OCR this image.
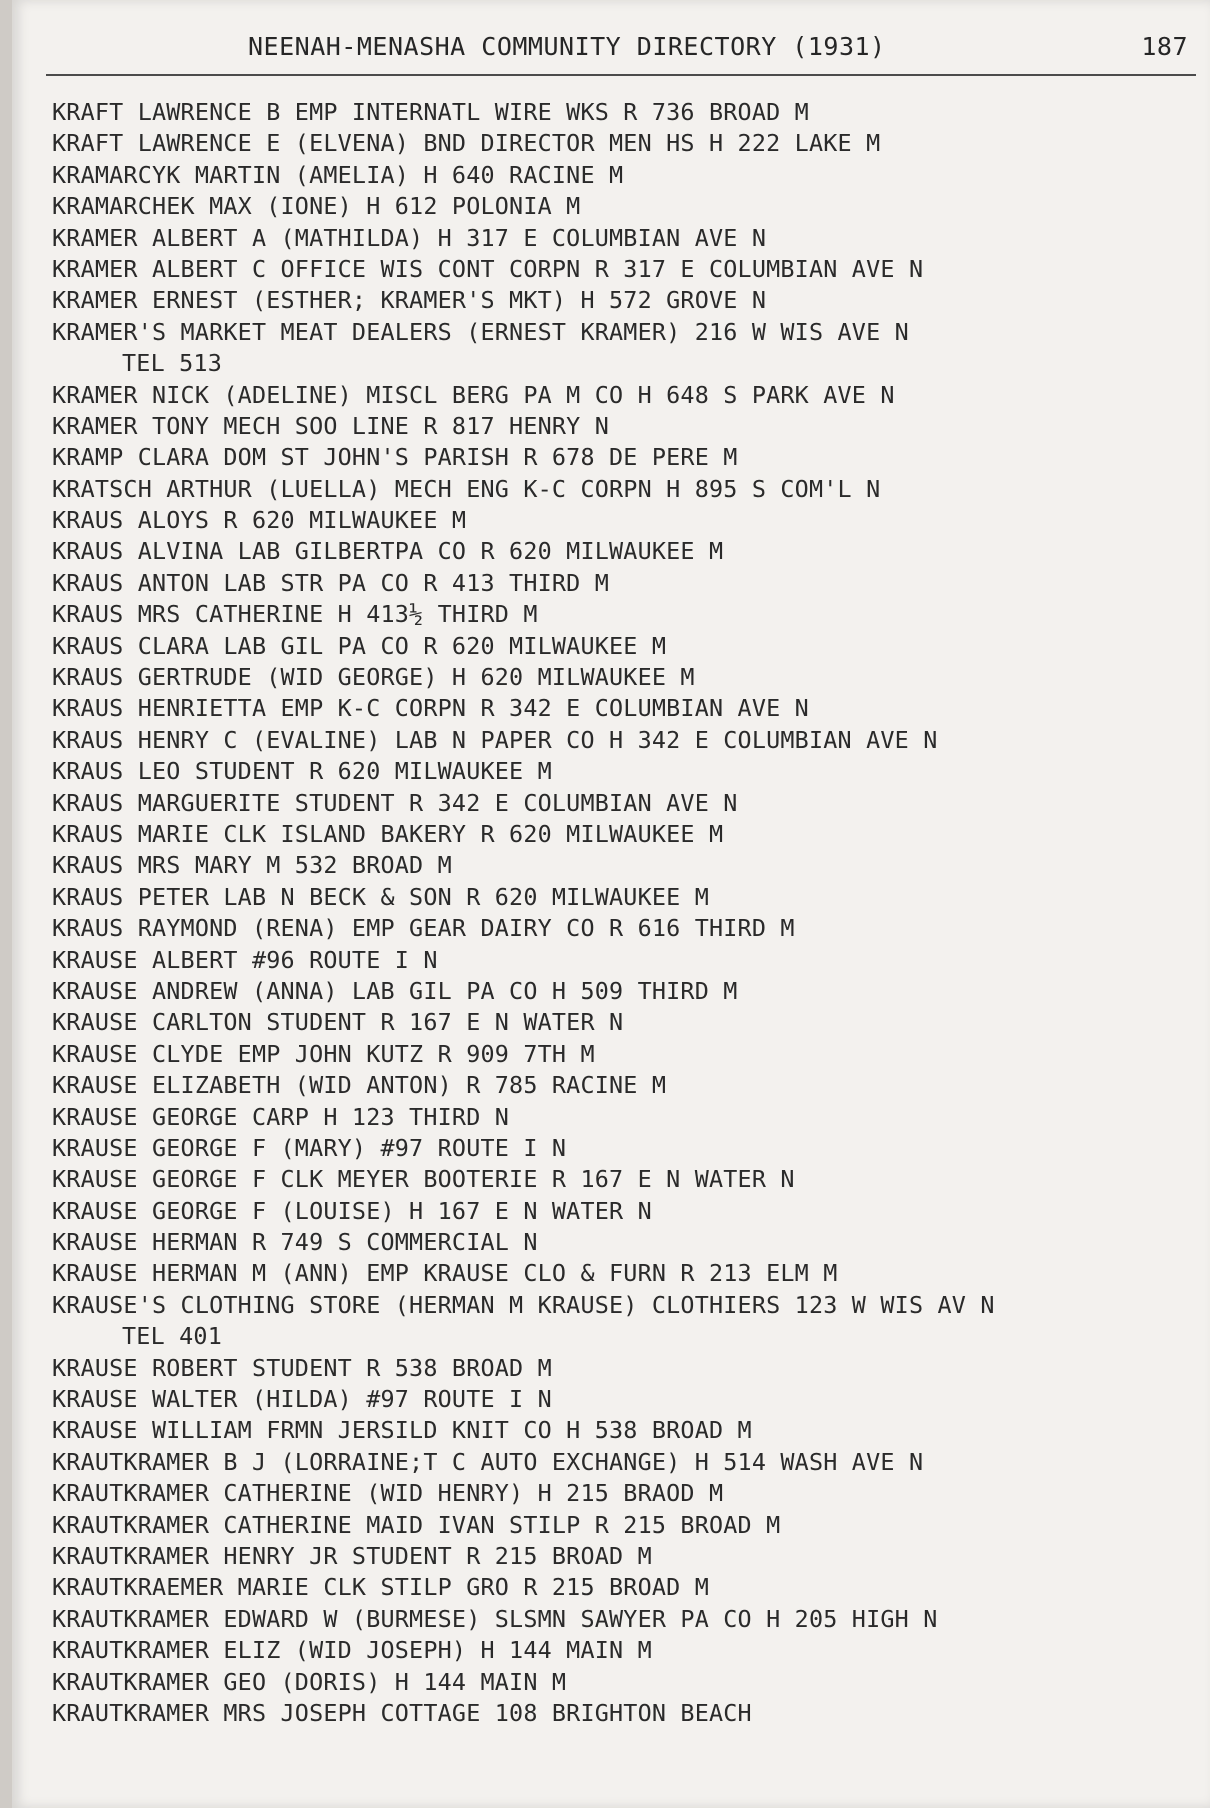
NEENAH-MENASHA COMMUNITY DIRECTORY (1931)	187
KRAFT LAWRENCE B EMP INTERNATL WIRE WKS R 736 BROAD M
KRAFT LAWRENCE E (ELVENA) BND DIRECTOR MEN HS H 222 LAKE M
KRAMARCYK MARTIN (AMELIA) H 640 RACINE M
KRAMARCHEK MAX (IONE) H 612 POLONIA M
KRAMER ALBERT A (MATHILDA) H 317 E COLUMBIAN AVE N
KRAMER ALBERT C OFFICE WIS CONT CORPN R 317 E COLUMBIAN AVE N
KRAMER ERNEST (ESTHER; KRAMER'S MKT) H 572 GROVE N
KRAMER'S MARKET MEAT DEALERS (ERNEST KRAMER) 216 W WIS AVE N
TEL 513
KRAMER NICK (ADELINE) MISCL BERG PA M CO H 648 S PARK AVE N
KRAMER TONY MECH SOO LINE R 817 HENRY N
KRAMP CLARA DOM ST JOHN'S PARISH R 678 DE PERE M
KRATSCH ARTHUR (LUELLA) MECH ENG K-C CORPN H 895 S COM'L N
KRAUS ALOYS R 620 MILWAUKEE M
KRAUS ALVINA LAB GILBERTPA CO R 620 MILWAUKEE M
KRAUS ANTON LAB STR PA CO R 413 THIRD M
KRAUS MRS CATHERINE H 413½ THIRD M
KRAUS CLARA LAB GIL PA CO R 620 MILWAUKEE M
KRAUS GERTRUDE (WID GEORGE) H 620 MILWAUKEE M
KRAUS HENRIETTA EMP K-C CORPN R 342 E COLUMBIAN AVE N
KRAUS HENRY C (EVALINE) LAB N PAPER CO H 342 E COLUMBIAN AVE N
KRAUS LEO STUDENT R 620 MILWAUKEE M
KRAUS MARGUERITE STUDENT R 342 E COLUMBIAN AVE N
KRAUS MARIE CLK ISLAND BAKERY R 620 MILWAUKEE M
KRAUS MRS MARY M 532 BROAD M
KRAUS PETER LAB N BECK & SON R 620 MILWAUKEE M
KRAUS RAYMOND (RENA) EMP GEAR DAIRY CO R 616 THIRD M
KRAUSE ALBERT #96 ROUTE I N
KRAUSE ANDREW (ANNA) LAB GIL PA CO H 509 THIRD M
KRAUSE CARLTON STUDENT R 167 E N WATER N
KRAUSE CLYDE EMP JOHN KUTZ R 909 7TH M
KRAUSE ELIZABETH (WID ANTON) R 785 RACINE M
KRAUSE GEORGE CARP H 123 THIRD N
KRAUSE GEORGE F (MARY) #97 ROUTE I N
KRAUSE GEORGE F CLK MEYER BOOTERIE R 167 E N WATER N
KRAUSE GEORGE F (LOUISE) H 167 E N WATER N
KRAUSE HERMAN R 749 S COMMERCIAL N
KRAUSE HERMAN M (ANN) EMP KRAUSE CLO & FURN R 213 ELM M
KRAUSE'S CLOTHING STORE (HERMAN M KRAUSE) CLOTHIERS 123 W WIS AV N
TEL 401
KRAUSE ROBERT STUDENT R 538 BROAD M
KRAUSE WALTER (HILDA) #97 ROUTE I N
KRAUSE WILLIAM FRMN JERSILD KNIT CO H 538 BROAD M
KRAUTKRAMER B J (LORRAINE;T C AUTO EXCHANGE) H 514 WASH AVE N
KRAUTKRAMER CATHERINE (WID HENRY) H 215 BRAOD M
KRAUTKRAMER CATHERINE MAID IVAN STILP R 215 BROAD M
KRAUTKRAMER HENRY JR STUDENT R 215 BROAD M
KRAUTKRAEMER MARIE CLK STILP GRO R 215 BROAD M
KRAUTKRAMER EDWARD W (BURMESE) SLSMN SAWYER PA CO H 205 HIGH N
KRAUTKRAMER ELIZ (WID JOSEPH) H 144 MAIN M
KRAUTKRAMER GEO (DORIS) H 144 MAIN M
KRAUTKRAMER MRS JOSEPH COTTAGE 108 BRIGHTON BEACH
